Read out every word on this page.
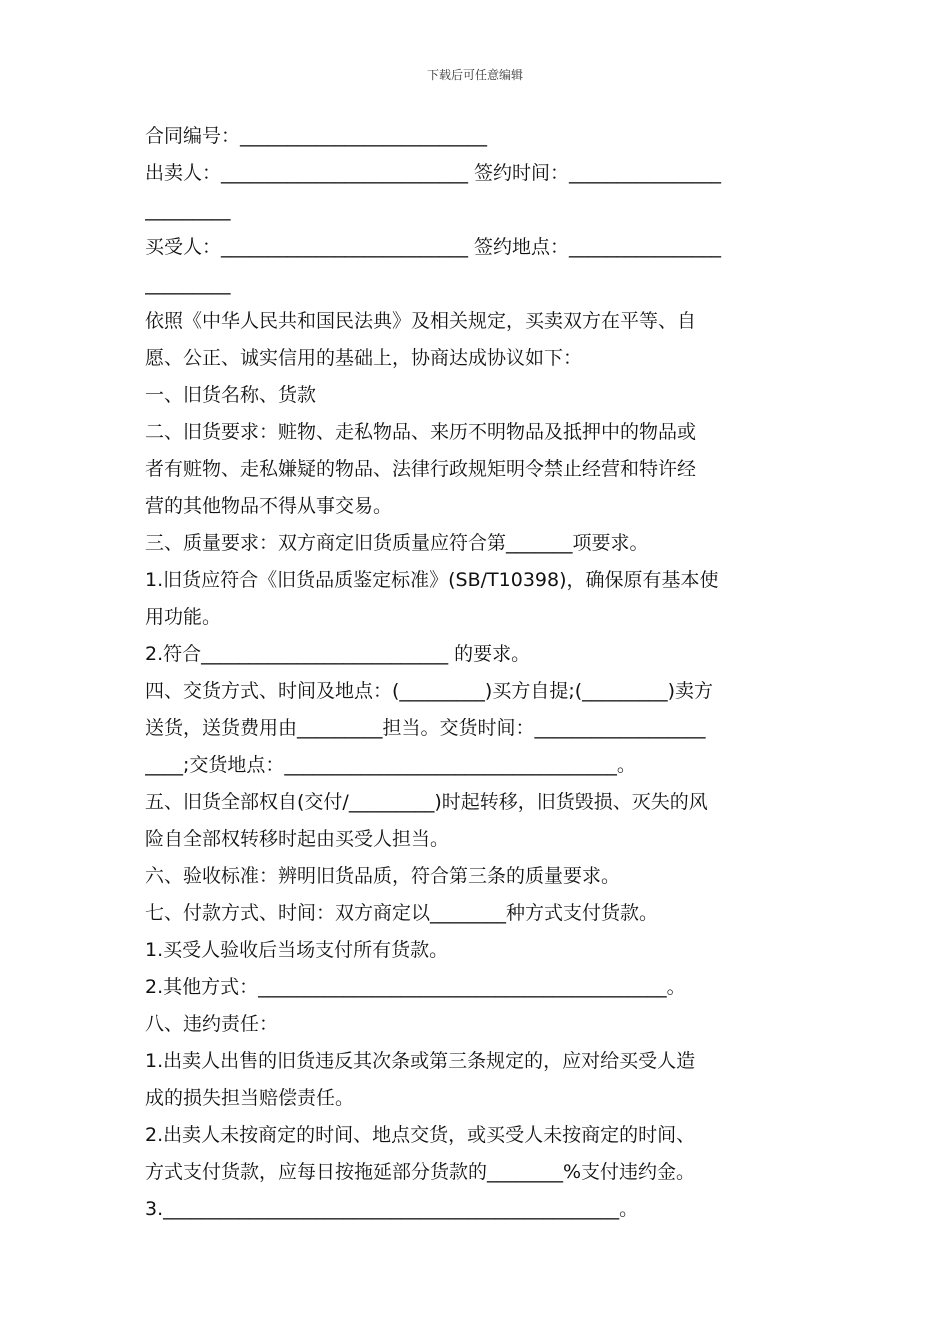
下载后可任意编辑
合同编号：__________________________
出卖人：__________________________ 签约时间：________________
_________
买受人：__________________________ 签约地点：________________
_________
依照《中华人民共和国民法典》及相关规定，买卖双方在平等、自
愿、公正、诚实信用的基础上，协商达成协议如下：
一、旧货名称、货款
二、旧货要求：赃物、走私物品、来历不明物品及抵押中的物品或
者有赃物、走私嫌疑的物品、法律行政规矩明令禁止经营和特许经
营的其他物品不得从事交易。
三、质量要求：双方商定旧货质量应符合第_______项要求。
1.旧货应符合《旧货品质鉴定标准》(SB/T10398)，确保原有基本使
用功能。
2.符合__________________________ 的要求。
四、交货方式、时间及地点：(_________)买方自提;(_________)卖方
送货，送货费用由_________担当。交货时间：__________________
____;交货地点：___________________________________。
五、旧货全部权自(交付/_________)时起转移，旧货毁损、灭失的风
险自全部权转移时起由买受人担当。
六、验收标准：辨明旧货品质，符合第三条的质量要求。
七、付款方式、时间：双方商定以________种方式支付货款。
1.买受人验收后当场支付所有货款。
2.其他方式：___________________________________________。
八、违约责任：
1.出卖人出售的旧货违反其次条或第三条规定的，应对给买受人造
成的损失担当赔偿责任。
2.出卖人未按商定的时间、地点交货，或买受人未按商定的时间、
方式支付货款，应每日按拖延部分货款的________%支付违约金。
3.________________________________________________。
